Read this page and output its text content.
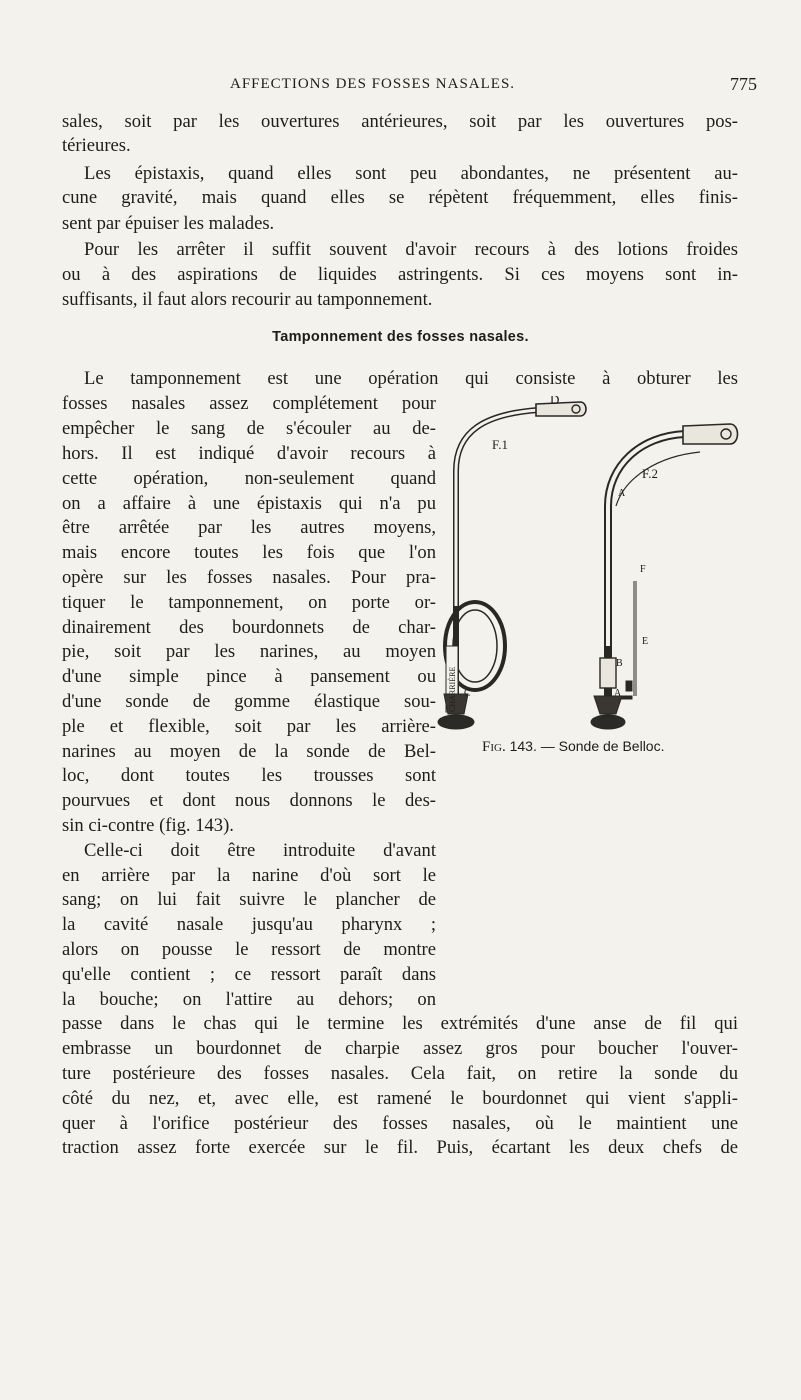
AFFECTIONS DES FOSSES NASALES.	775
sales, soit par les ouvertures antérieures, soit par les ouvertures pos-
térieures.
Les épistaxis, quand elles sont peu abondantes, ne présentent au-
cune gravité, mais quand elles se répètent fréquemment, elles finis-
sent par épuiser les malades.
Pour les arrêter il suffit souvent d'avoir recours à des lotions froides
ou à des aspirations de liquides astringents. Si ces moyens sont in-
suffisants, il faut alors recourir au tamponnement.
Tamponnement des fosses nasales.
Le tamponnement est une opération qui consiste à obturer les
fosses nasales assez complétement pour
empêcher le sang de s'écouler au de-
hors. Il est indiqué d'avoir recours à
cette opération, non-seulement quand
on a affaire à une épistaxis qui n'a pu
être arrêtée par les autres moyens,
mais encore toutes les fois que l'on
opère sur les fosses nasales. Pour pra-
tiquer le tamponnement, on porte or-
dinairement des bourdonnets de char-
pie, soit par les narines, au moyen
d'une simple pince à pansement ou
d'une sonde de gomme élastique sou-
ple et flexible, soit par les arrière-
narines au moyen de la sonde de Bel-
loc, dont toutes les trousses sont
pourvues et dont nous donnons le des-
sin ci-contre (fig. 143).
Celle-ci doit être introduite d'avant
en arrière par la narine d'où sort le
sang; on lui fait suivre le plancher de
la cavité nasale jusqu'au pharynx ;
alors on pousse le ressort de montre
qu'elle contient ; ce ressort paraît dans
la bouche; on l'attire au dehors; on
passe dans le chas qui le termine les extrémités d'une anse de fil qui
embrasse un bourdonnet de charpie assez gros pour boucher l'ouver-
ture postérieure des fosses nasales. Cela fait, on retire la sonde du
côté du nez, et, avec elle, est ramené le bourdonnet qui vient s'appli-
quer à l'orifice postérieur des fosses nasales, où le maintient une
traction assez forte exercée sur le fil. Puis, écartant les deux chefs de
F.1
D
F.2
A
F
E
B
C	A
CHARRIÈRE
Fig. 143. — Sonde de Belloc.
